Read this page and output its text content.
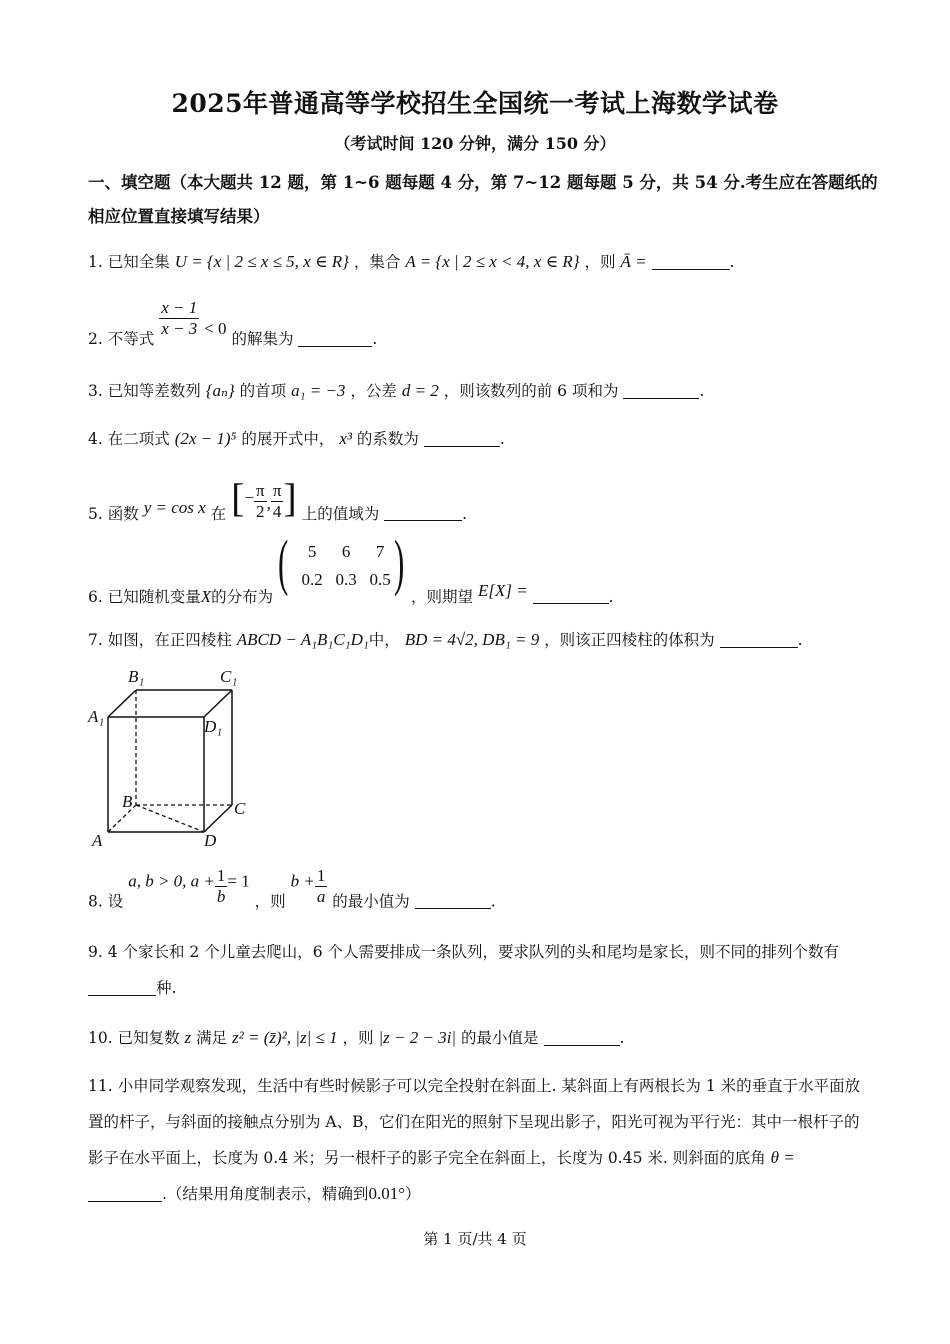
2025年普通高等学校招生全国统一考试上海数学试卷
（考试时间 120 分钟，满分 150 分）
一、填空题（本大题共 12 题，第 1~6 题每题 4 分，第 7~12 题每题 5 分，共 54 分.考生应在答题纸的相应位置直接填写结果）
1. 已知全集 U = {x | 2 ≤ x ≤ 5, x ∈ R} ，集合 A = {x | 2 ≤ x < 4, x ∈ R} ，则 Ā =	.
2. 不等式 $\frac{x - 1}{x - 3} < 0$ 的解集为	.
3. 已知等差数列 {aₙ} 的首项 a₁ = −3 ，公差 d = 2 ，则该数列的前 6 项和为	.
4. 在二项式 (2x − 1)⁵ 的展开式中， x³ 的系数为	.
5. 函数 y = cos x 在 [− $\frac{\pi}{2}$ , $\frac{\pi}{4}$ ] 上的值域为	.
6. 已知随机变量X的分布为 (	5	6	7
0.2 0.3 0.5 ) ，则期望 E[X] =	.
7. 如图，在正四棱柱 ABCD − A₁B₁C₁D₁中， BD = 4√2, DB₁ = 9 ，则该正四棱柱的体积为	.
B₁	C₁
A₁
D₁
B	C
A	D
8. 设 a, b > 0, $a + \frac{1}{b} = 1$ ，则 $b + \frac{1}{a}$ 的最小值为	.
9. 4 个家长和 2 个儿童去爬山，6 个人需要排成一条队列，要求队列的头和尾均是家长，则不同的排列个数有种.
10. 已知复数 z 满足 z² = (z̄)², |z| ≤ 1 ，则 |z − 2 − 3i| 的最小值是	.
11. 小申同学观察发现，生活中有些时候影子可以完全投射在斜面上. 某斜面上有两根长为 1 米的垂直于水平面放置的杆子，与斜面的接触点分别为 A、B，它们在阳光的照射下呈现出影子，阳光可视为平行光：其中一根杆子的影子在水平面上，长度为 0.4 米；另一根杆子的影子完全在斜面上，长度为 0.45 米. 则斜面的底角 θ =.（结果用角度制表示，精确到0.01°）
第 1 页/共 4 页
